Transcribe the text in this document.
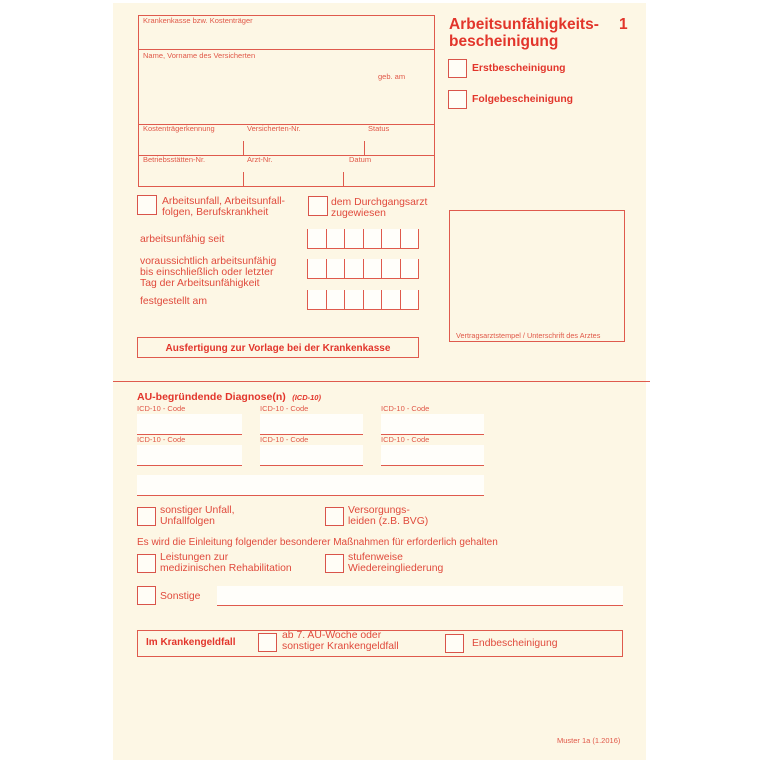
Krankenkasse bzw. Kostenträger
Name, Vorname des Versicherten
geb. am
Kostenträgerkennung	Versicherten-Nr.	Status
Betriebsstätten-Nr.	Arzt-Nr.	Datum
Arbeitsunfähigkeits-
bescheinigung
1
Erstbescheinigung
Folgebescheinigung
Vertragsarztstempel / Unterschrift des Arztes
Arbeitsunfall, Arbeitsunfall-
folgen, Berufskrankheit
dem Durchgangsarzt
zugewiesen
arbeitsunfähig seit
voraussichtlich arbeitsunfähig
bis einschließlich oder letzter
Tag der Arbeitsunfähigkeit
festgestellt am
Ausfertigung zur Vorlage bei der Krankenkasse
AU-begründende Diagnose(n) (ICD-10)
ICD-10 - Code	ICD-10 - Code	ICD-10 - Code
ICD-10 - Code	ICD-10 - Code	ICD-10 - Code
sonstiger Unfall,
Unfallfolgen
Versorgungs-
leiden (z.B. BVG)
Es wird die Einleitung folgender besonderer Maßnahmen für erforderlich gehalten
Leistungen zur
medizinischen Rehabilitation
stufenweise
Wiedereingliederung
Sonstige
Im Krankengeldfall
ab 7. AU-Woche oder
sonstiger Krankengeldfall	Endbescheinigung
Muster 1a (1.2016)
